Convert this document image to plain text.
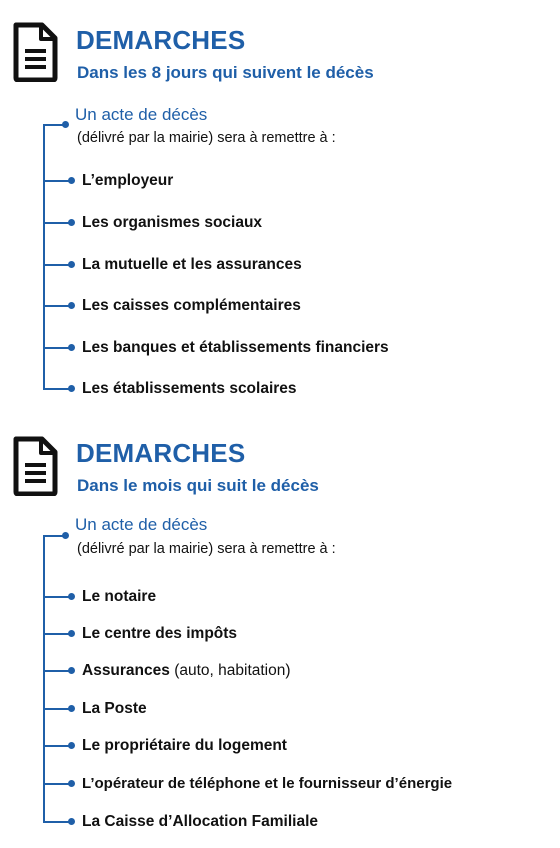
DEMARCHES
Dans les 8 jours qui suivent le décès
Un acte de décès
(délivré par la mairie) sera à remettre à :
L’employeur
Les organismes sociaux
La mutuelle et les assurances
Les caisses complémentaires
Les banques et établissements financiers
Les établissements scolaires
DEMARCHES
Dans le mois qui suit le décès
Un acte de décès
(délivré par la mairie) sera à remettre à :
Le notaire
Le centre des impôts
Assurances (auto, habitation)
La Poste
Le propriétaire du logement
L’opérateur de téléphone et le fournisseur d’énergie
La Caisse d’Allocation Familiale
